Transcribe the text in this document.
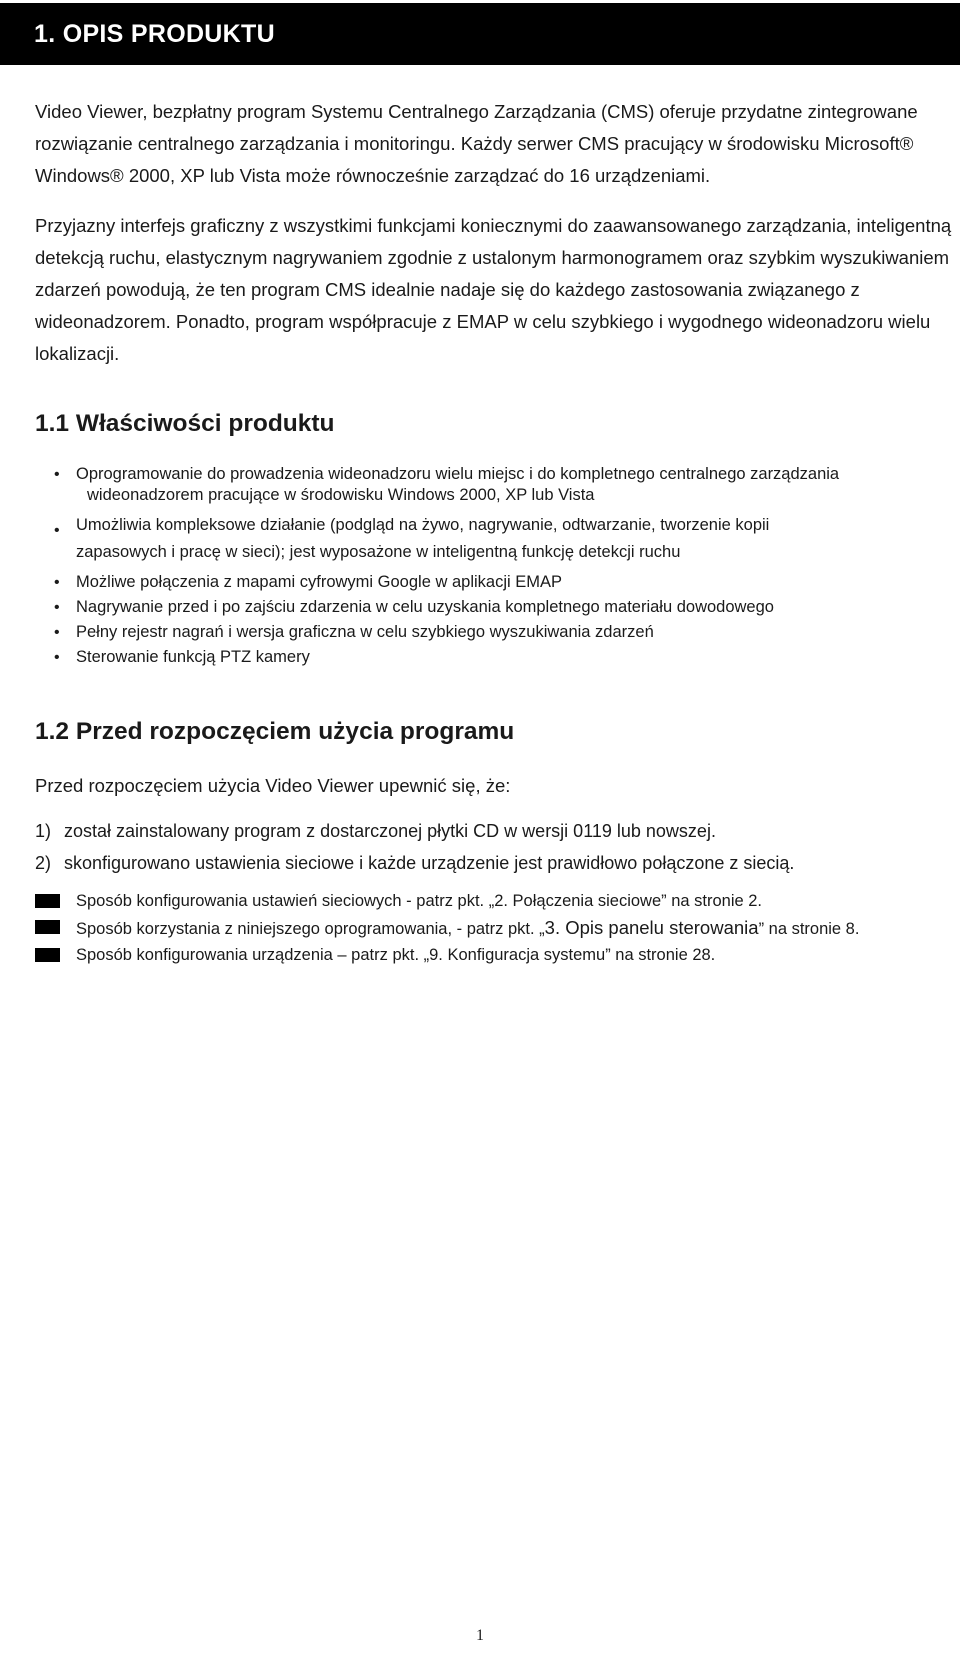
1. OPIS PRODUKTU

Video Viewer, bezpłatny program Systemu Centralnego Zarządzania (CMS) oferuje przydatne zintegrowane rozwiązanie centralnego zarządzania i monitoringu. Każdy serwer CMS pracujący w środowisku Microsoft® Windows® 2000, XP lub Vista może równocześnie zarządzać do 16 urządzeniami.

Przyjazny interfejs graficzny z wszystkimi funkcjami koniecznymi do zaawansowanego zarządzania, inteligentną detekcją ruchu, elastycznym nagrywaniem zgodnie z ustalonym harmonogramem oraz szybkim wyszukiwaniem zdarzeń powodują, że ten program CMS idealnie nadaje się do każdego zastosowania związanego z wideonadzorem. Ponadto, program współpracuje z EMAP w celu szybkiego i wygodnego wideonadzoru wielu lokalizacji.

1.1 Właściwości produktu
• Oprogramowanie do prowadzenia wideonadzoru wielu miejsc i do kompletnego centralnego zarządzania
wideonadzorem pracujące w środowisku Windows 2000, XP lub Vista
• Umożliwia kompleksowe działanie (podgląd na żywo, nagrywanie, odtwarzanie, tworzenie kopii
zapasowych i pracę w sieci); jest wyposażone w inteligentną funkcję detekcji ruchu
• Możliwe połączenia z mapami cyfrowymi Google w aplikacji EMAP
• Nagrywanie przed i po zajściu zdarzenia w celu uzyskania kompletnego materiału dowodowego
• Pełny rejestr nagrań i wersja graficzna w celu szybkiego wyszukiwania zdarzeń
• Sterowanie funkcją PTZ kamery
1.2 Przed rozpoczęciem użycia programu

Przed rozpoczęciem użycia Video Viewer upewnić się, że:

1) został zainstalowany program z dostarczonej płytki CD w wersji 0119 lub nowszej.
2) skonfigurowano ustawienia sieciowe i każde urządzenie jest prawidłowo połączone z siecią.
Sposób konfigurowania ustawień sieciowych - patrz pkt. „2. Połączenia sieciowe” na stronie 2.
Sposób korzystania z niniejszego oprogramowania, - patrz pkt. „3. Opis panelu sterowania” na stronie 8.
Sposób konfigurowania urządzenia – patrz pkt. „9. Konfiguracja systemu” na stronie 28.
1
